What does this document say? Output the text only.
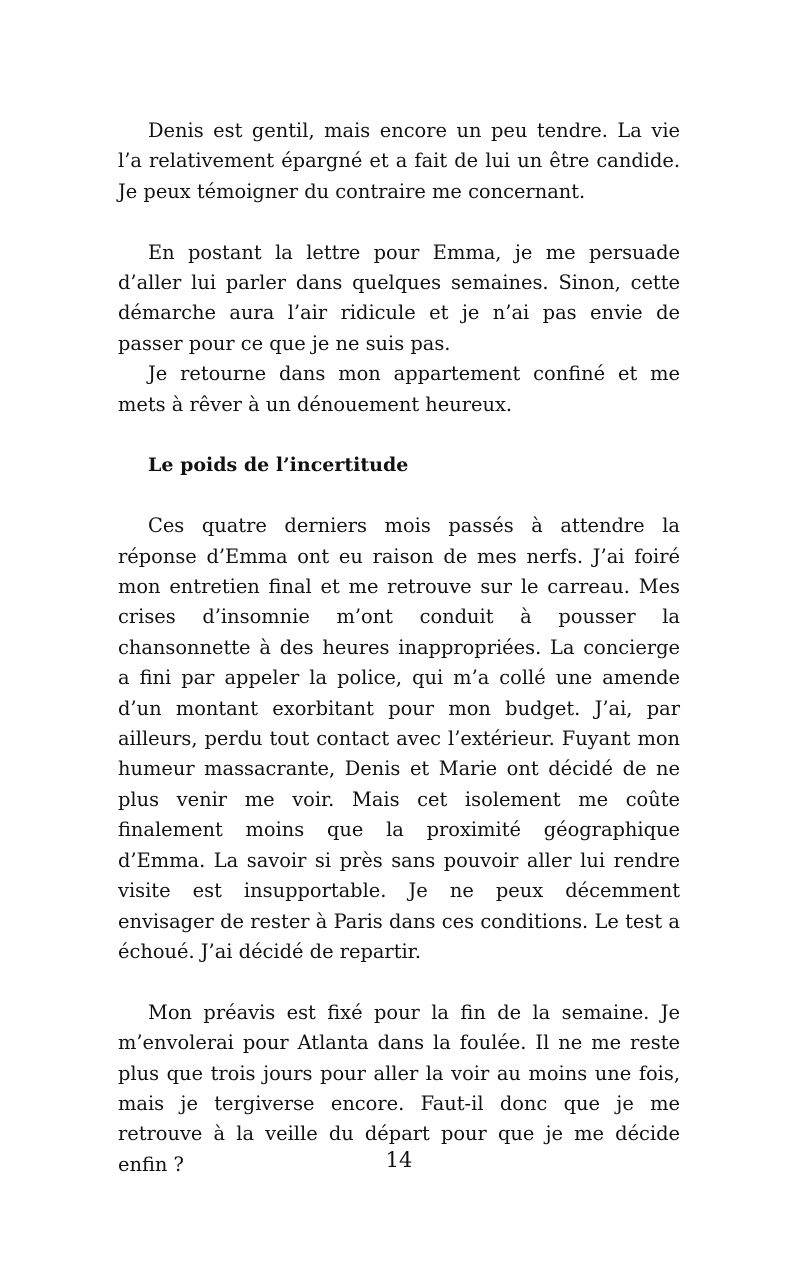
Denis est gentil, mais encore un peu tendre. La vie l’a relativement épargné et a fait de lui un être candide. Je peux témoigner du contraire me concernant.

En postant la lettre pour Emma, je me persuade d’aller lui parler dans quelques semaines. Sinon, cette démarche aura l’air ridicule et je n’ai pas envie de passer pour ce que je ne suis pas.

Je retourne dans mon appartement confiné et me mets à rêver à un dénouement heureux.

Le poids de l’incertitude

Ces quatre derniers mois passés à attendre la réponse d’Emma ont eu raison de mes nerfs. J’ai foiré mon entretien final et me retrouve sur le carreau. Mes crises d’insomnie m’ont conduit à pousser la chansonnette à des heures inappropriées. La concierge a fini par appeler la police, qui m’a collé une amende d’un montant exorbitant pour mon budget. J’ai, par ailleurs, perdu tout contact avec l’extérieur. Fuyant mon humeur massacrante, Denis et Marie ont décidé de ne plus venir me voir. Mais cet isolement me coûte finalement moins que la proximité géographique d’Emma. La savoir si près sans pouvoir aller lui rendre visite est insupportable. Je ne peux décemment envisager de rester à Paris dans ces conditions. Le test a échoué. J’ai décidé de repartir.

Mon préavis est fixé pour la fin de la semaine. Je m’envolerai pour Atlanta dans la foulée. Il ne me reste plus que trois jours pour aller la voir au moins une fois, mais je tergiverse encore. Faut-il donc que je me retrouve à la veille du départ pour que je me décide enfin ?	14
